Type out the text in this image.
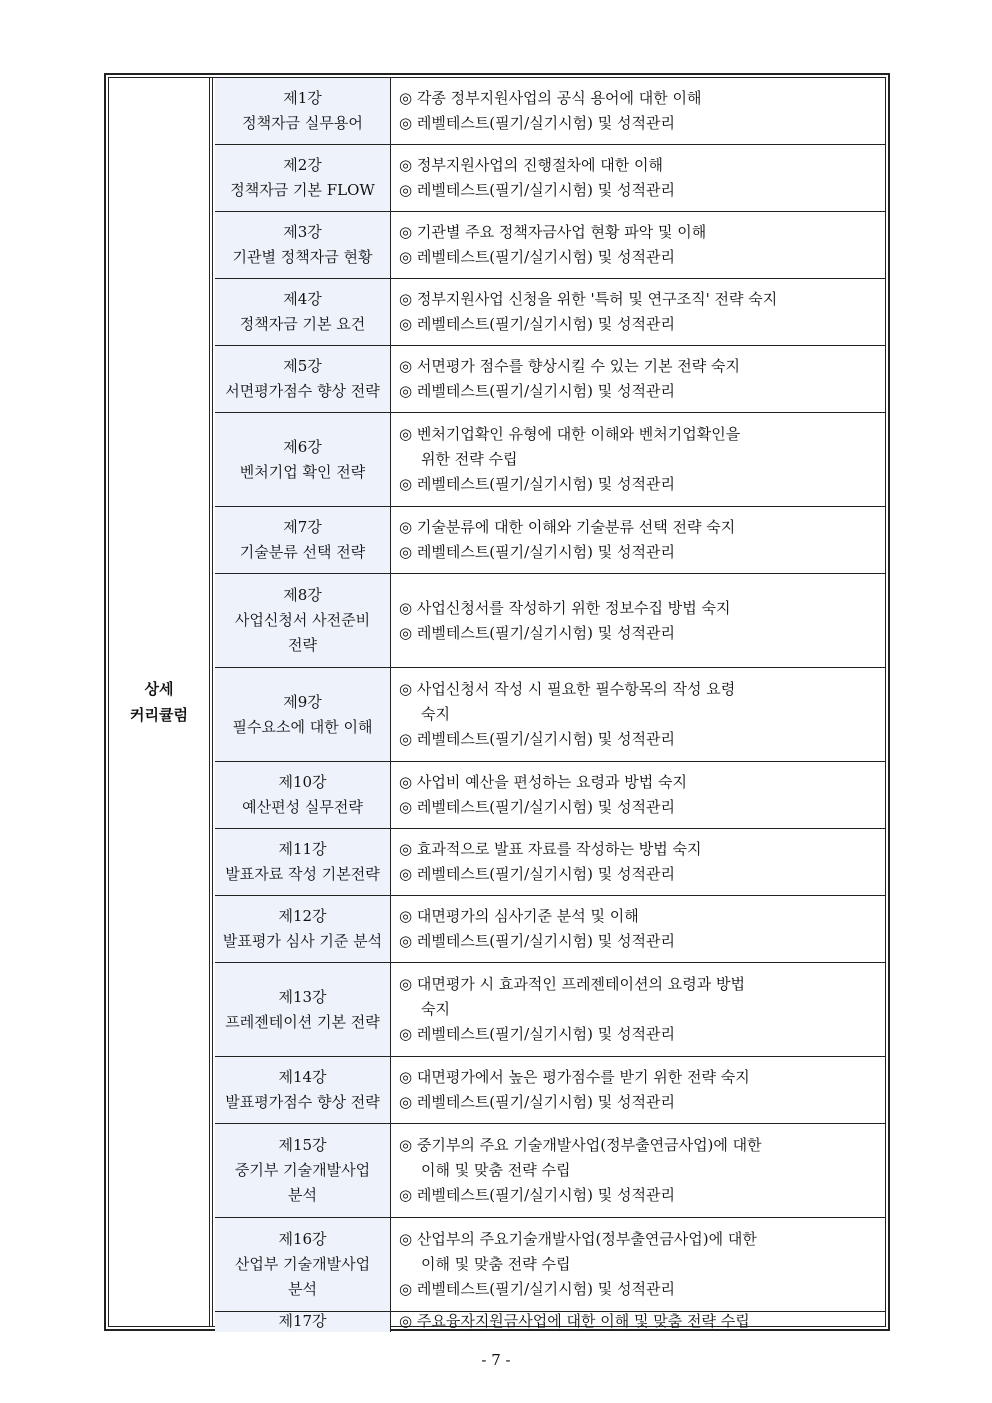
상세
커리큘럼
제1강
정책자금 실무용어
◎ 각종 정부지원사업의 공식 용어에 대한 이해
◎ 레벨테스트(필기/실기시험) 및 성적관리
제2강
정책자금 기본 FLOW
◎ 정부지원사업의 진행절차에 대한 이해
◎ 레벨테스트(필기/실기시험) 및 성적관리
제3강
기관별 정책자금 현황
◎ 기관별 주요 정책자금사업 현황 파악 및 이해
◎ 레벨테스트(필기/실기시험) 및 성적관리
제4강
정책자금 기본 요건
◎ 정부지원사업 신청을 위한 '특허 및 연구조직' 전략 숙지
◎ 레벨테스트(필기/실기시험) 및 성적관리
제5강
서면평가점수 향상 전략
◎ 서면평가 점수를 향상시킬 수 있는 기본 전략 숙지
◎ 레벨테스트(필기/실기시험) 및 성적관리
제6강
벤처기업 확인 전략
◎ 벤처기업확인 유형에 대한 이해와 벤처기업확인을
위한 전략 수립
◎ 레벨테스트(필기/실기시험) 및 성적관리
제7강
기술분류 선택 전략
◎ 기술분류에 대한 이해와 기술분류 선택 전략 숙지
◎ 레벨테스트(필기/실기시험) 및 성적관리
제8강
사업신청서 사전준비
전략
◎ 사업신청서를 작성하기 위한 정보수집 방법 숙지
◎ 레벨테스트(필기/실기시험) 및 성적관리
제9강
필수요소에 대한 이해
◎ 사업신청서 작성 시 필요한 필수항목의 작성 요령
숙지
◎ 레벨테스트(필기/실기시험) 및 성적관리
제10강
예산편성 실무전략
◎ 사업비 예산을 편성하는 요령과 방법 숙지
◎ 레벨테스트(필기/실기시험) 및 성적관리
제11강
발표자료 작성 기본전략
◎ 효과적으로 발표 자료를 작성하는 방법 숙지
◎ 레벨테스트(필기/실기시험) 및 성적관리
제12강
발표평가 심사 기준 분석
◎ 대면평가의 심사기준 분석 및 이해
◎ 레벨테스트(필기/실기시험) 및 성적관리
제13강
프레젠테이션 기본 전략
◎ 대면평가 시 효과적인 프레젠테이션의 요령과 방법
숙지
◎ 레벨테스트(필기/실기시험) 및 성적관리
제14강
발표평가점수 향상 전략
◎ 대면평가에서 높은 평가점수를 받기 위한 전략 숙지
◎ 레벨테스트(필기/실기시험) 및 성적관리
제15강
중기부 기술개발사업
분석
◎ 중기부의 주요 기술개발사업(정부출연금사업)에 대한
이해 및 맞춤 전략 수립
◎ 레벨테스트(필기/실기시험) 및 성적관리
제16강
산업부 기술개발사업
분석
◎ 산업부의 주요기술개발사업(정부출연금사업)에 대한
이해 및 맞춤 전략 수립
◎ 레벨테스트(필기/실기시험) 및 성적관리
제17강	◎ 주요융자지원금사업에 대한 이해 및 맞춤 전략 수립
- 7 -
